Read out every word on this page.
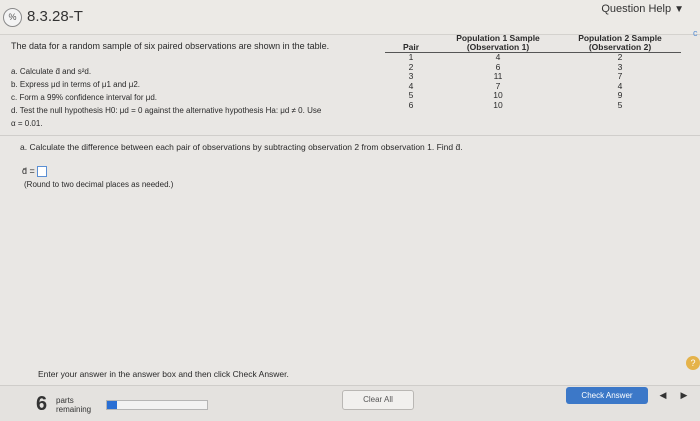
% 8.3.28-T	Question Help ▼
c
The data for a random sample of six paired observations are shown in the table.
a. Calculate d̄ and s²d.
b. Express μd in terms of μ1 and μ2.
c. Form a 99% confidence interval for μd.
d. Test the null hypothesis H0: μd = 0 against the alternative hypothesis Ha: μd ≠ 0. Use
α = 0.01.
Pair	Population 1 Sample (Observation 1)	Population 2 Sample (Observation 2)
1	4	2
2	6	3
3	11	7
4	7	4
5	10	9
6	10	5
a. Calculate the difference between each pair of observations by subtracting observation 2 from observation 1. Find d̄.
d̄ =
(Round to two decimal places as needed.)
Enter your answer in the answer box and then click Check Answer.
?
6 parts
remaining
Clear All	Check Answer	◀	▶
